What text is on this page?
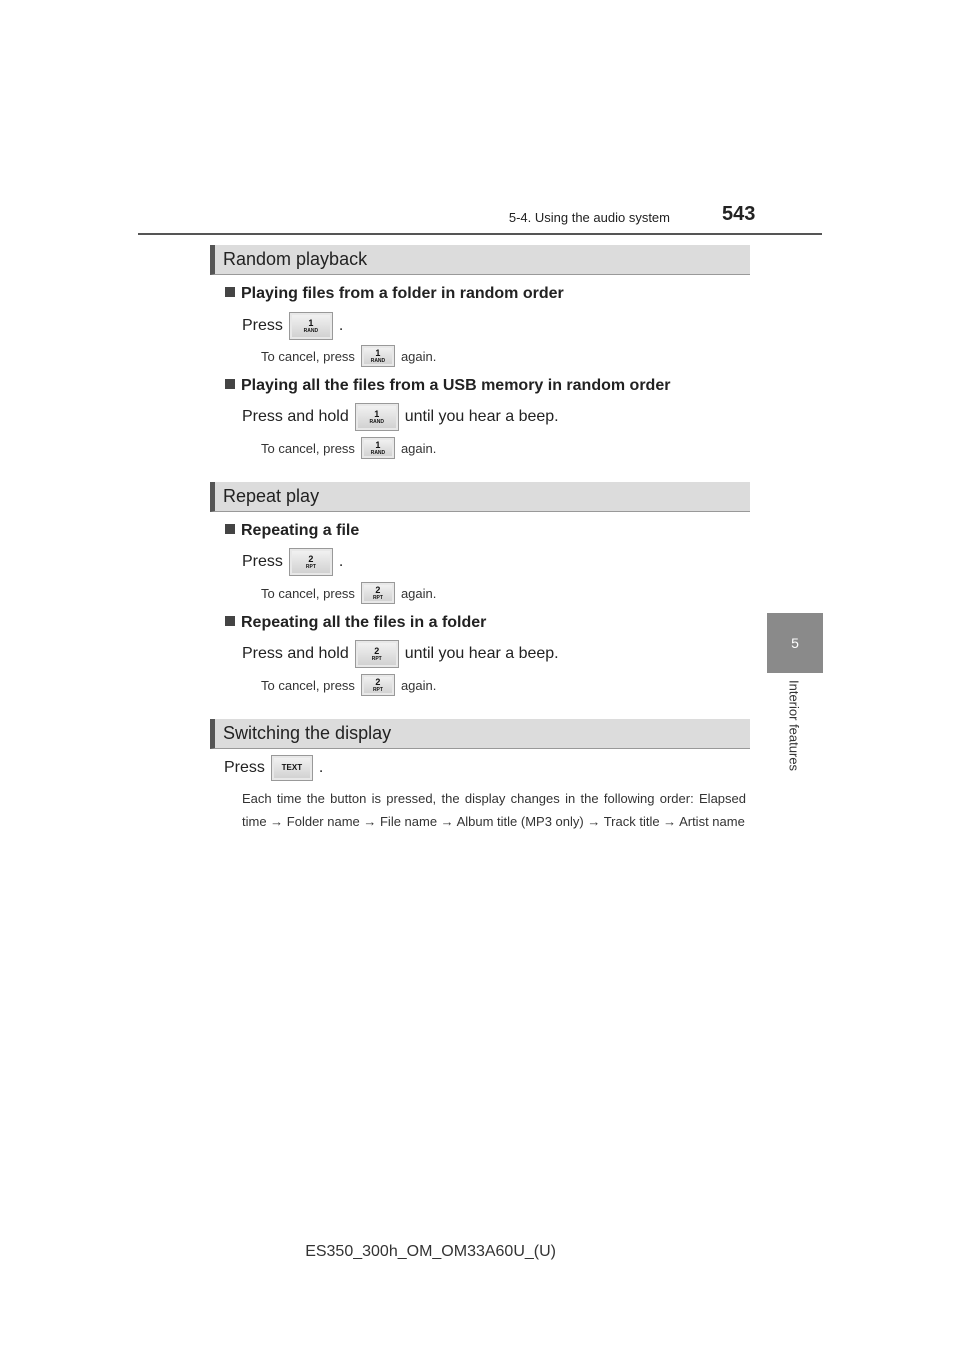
5-4. Using the audio system	543
5
Interior features
Random playback
Playing files from a folder in random order
Press	1
RAND .
To cancel, press 1
RAND again.
Playing all the files from a USB memory in random order
Press and hold	1
RAND until you hear a beep.
To cancel, press 1
RAND again.
Repeat play
Repeating a file
Press	2
RPT .
To cancel, press 2
RPT again.
Repeating all the files in a folder
Press and hold	2
RPT until you hear a beep.
To cancel, press 2
RPT again.
Switching the display
Press TEXT .
Each time the button is pressed, the display changes in the following order: Elapsed time → Folder name → File name → Album title (MP3 only) → Track title → Artist name
ES350_300h_OM_OM33A60U_(U)
